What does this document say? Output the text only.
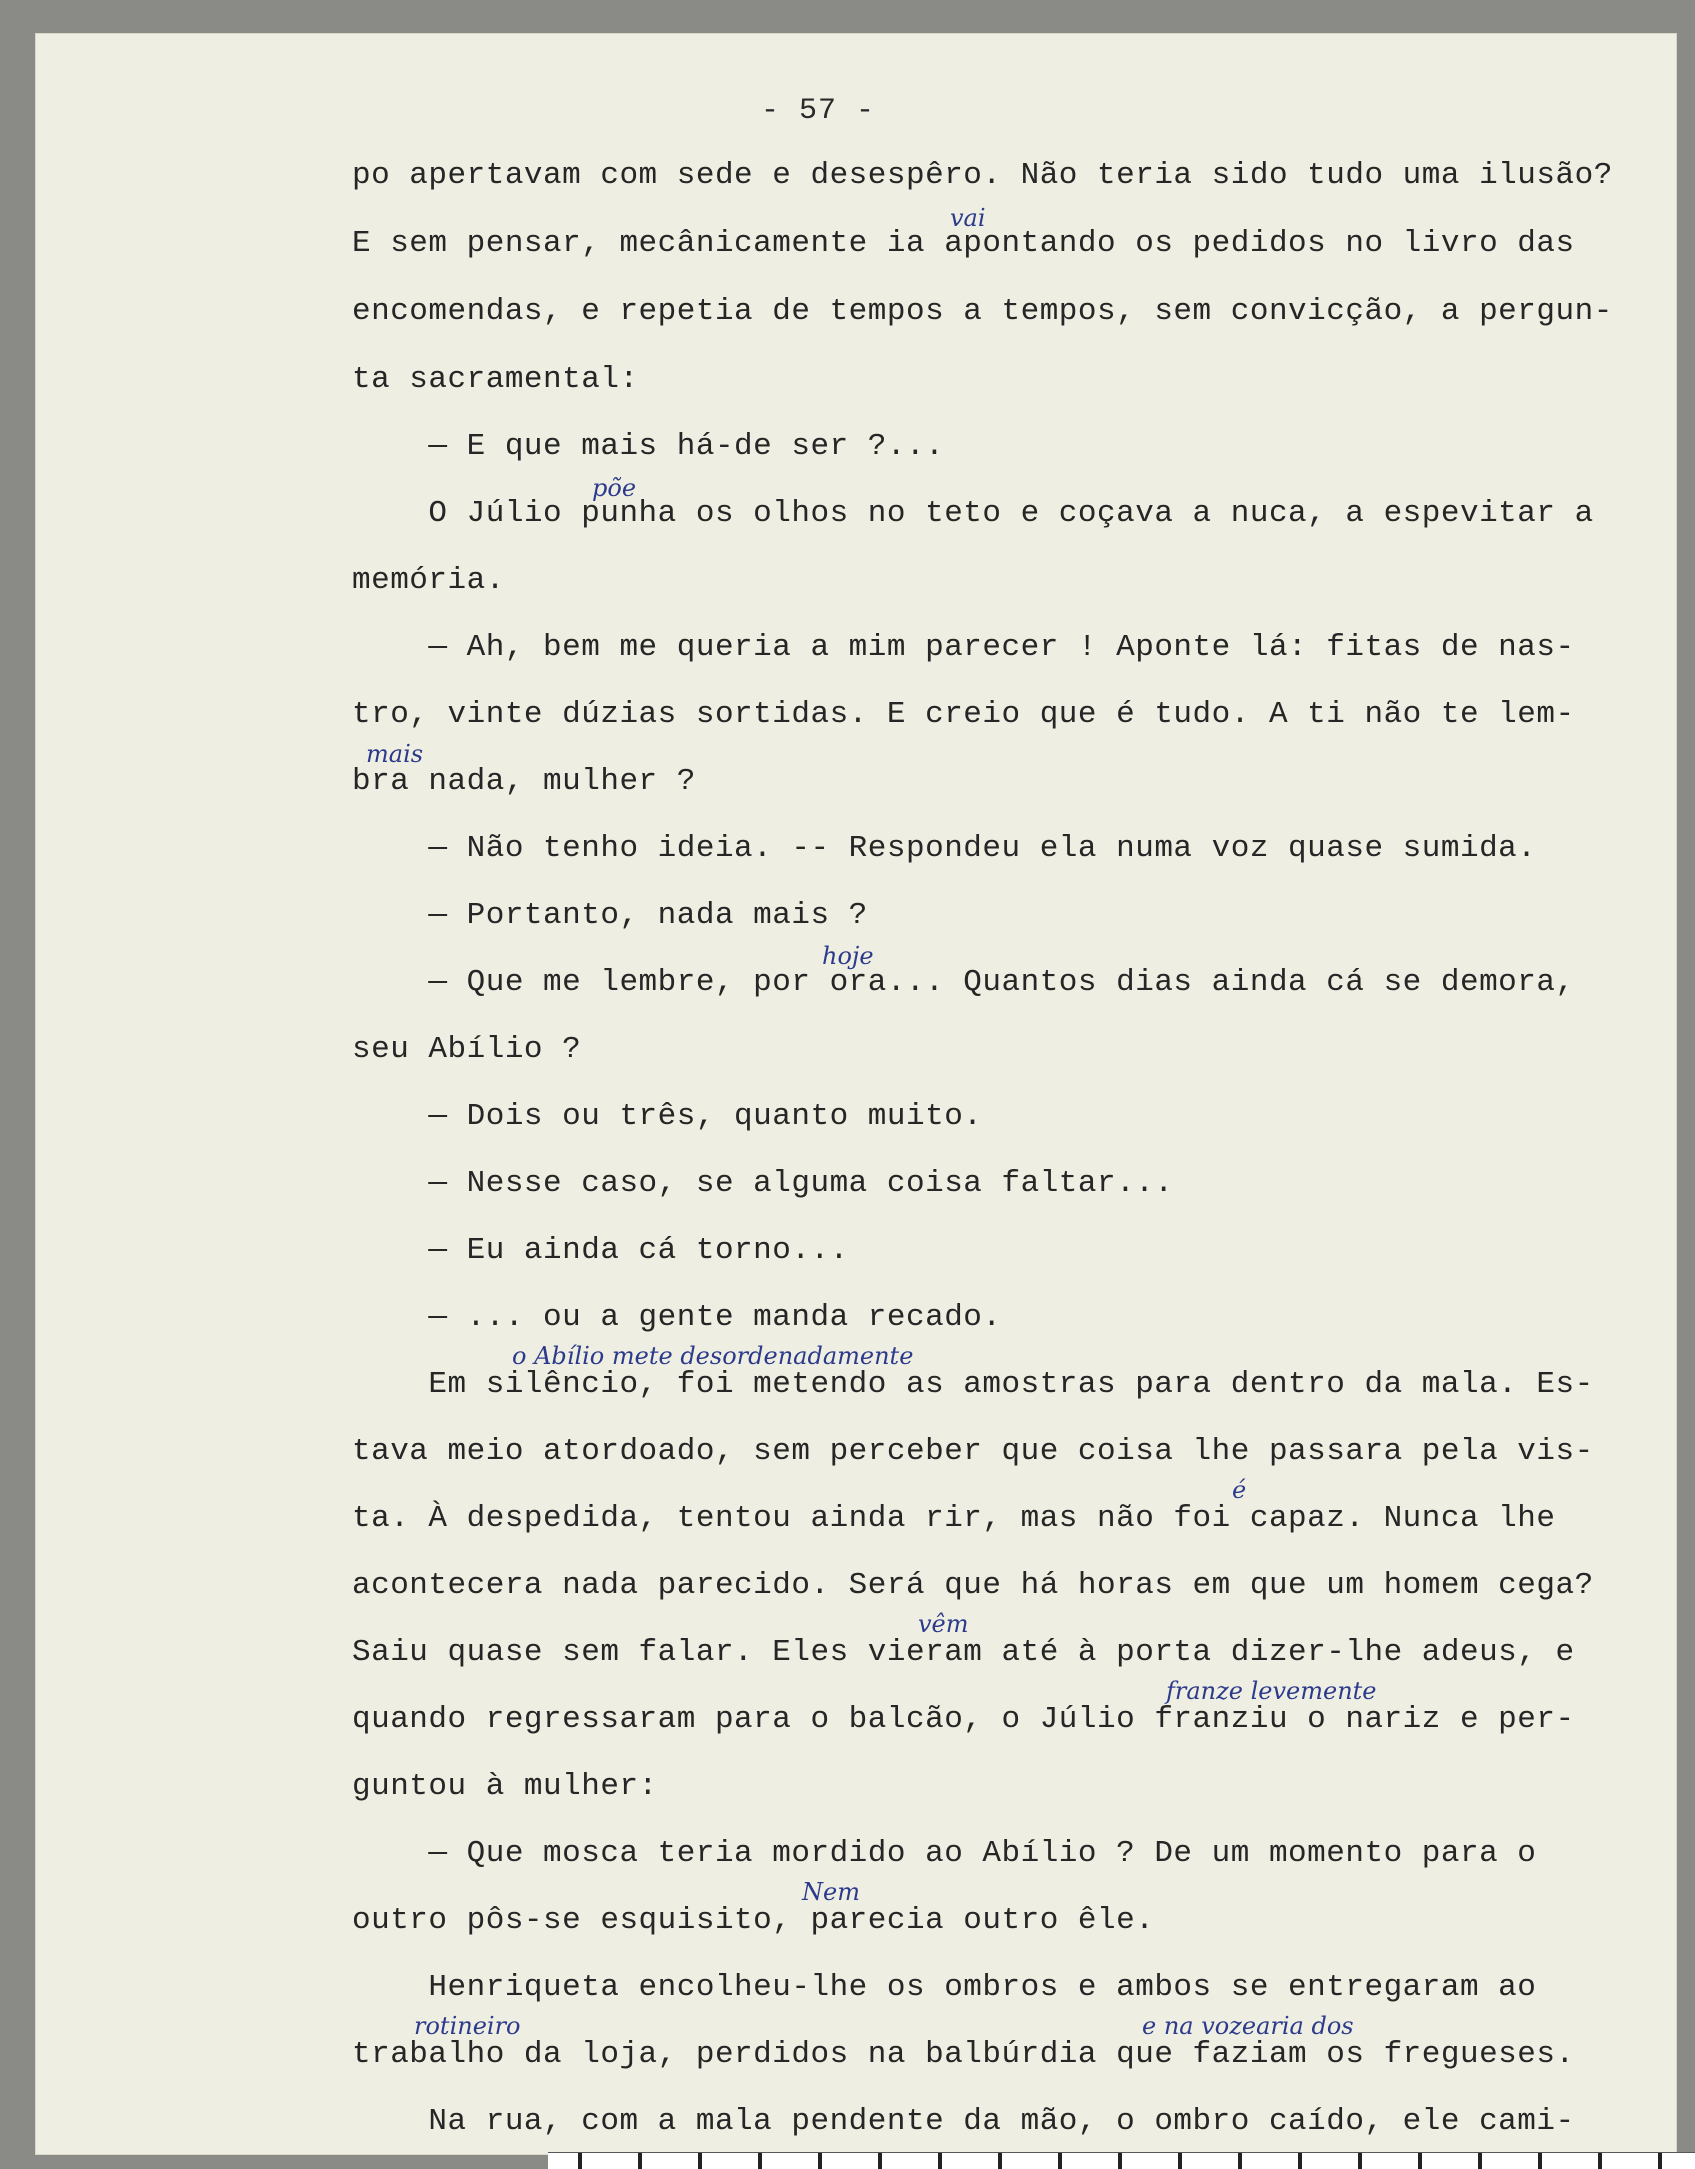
- 57 -
po apertavam com sede e desespêro. Não teria sido tudo uma ilusão?
E sem pensar, mecânicamente ia apontando os pedidos no livro das
encomendas, e repetia de tempos a tempos, sem convicção, a pergun-
ta sacramental:
— E que mais há-de ser ?...
O Júlio punha os olhos no teto e coçava a nuca, a espevitar a
memória.
— Ah, bem me queria a mim parecer ! Aponte lá: fitas de nas-
tro, vinte dúzias sortidas. E creio que é tudo. A ti não te lem-
bra nada, mulher ?
— Não tenho ideia. -- Respondeu ela numa voz quase sumida.
— Portanto, nada mais ?
— Que me lembre, por ora... Quantos dias ainda cá se demora,
seu Abílio ?
— Dois ou três, quanto muito.
— Nesse caso, se alguma coisa faltar...
— Eu ainda cá torno...
— ... ou a gente manda recado.
Em silêncio, foi metendo as amostras para dentro da mala. Es-
tava meio atordoado, sem perceber que coisa lhe passara pela vis-
ta. À despedida, tentou ainda rir, mas não foi capaz. Nunca lhe
acontecera nada parecido. Será que há horas em que um homem cega?
Saiu quase sem falar. Eles vieram até à porta dizer-lhe adeus, e
quando regressaram para o balcão, o Júlio franziu o nariz e per-
guntou à mulher:
— Que mosca teria mordido ao Abílio ? De um momento para o
outro pôs-se esquisito, parecia outro êle.
Henriqueta encolheu-lhe os ombros e ambos se entregaram ao
trabalho da loja, perdidos na balbúrdia que faziam os fregueses.
Na rua, com a mala pendente da mão, o ombro caído, ele cami-
vai
põe
mais
hoje
o Abílio mete desordenadamente
é
vêm
franze levemente
Nem
rotineiro	e na vozearia dos
